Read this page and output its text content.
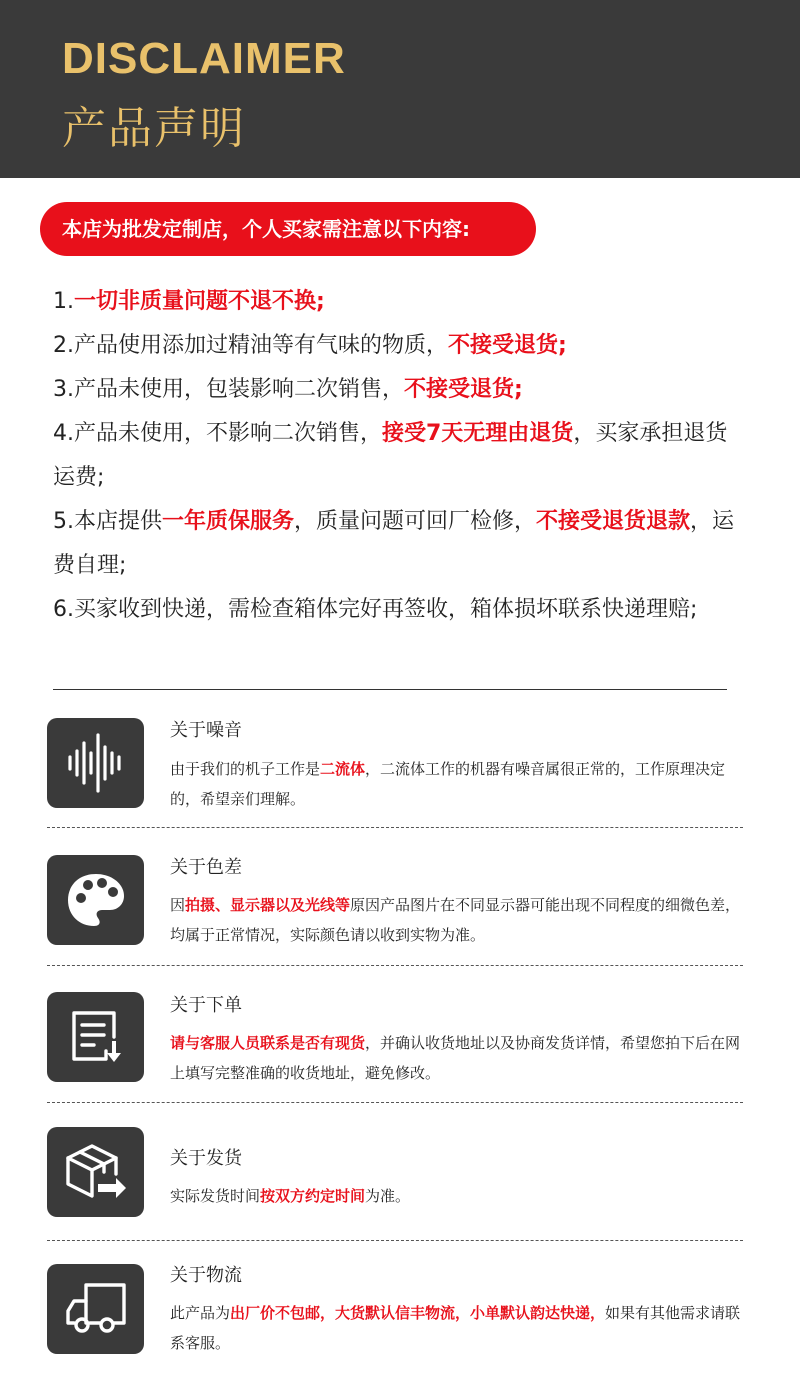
DISCLAIMER
产品声明
本店为批发定制店，个人买家需注意以下内容:
1.一切非质量问题不退不换;
2.产品使用添加过精油等有气味的物质，不接受退货;
3.产品未使用，包装影响二次销售，不接受退货;
4.产品未使用，不影响二次销售，接受7天无理由退货，买家承担退货运费;
5.本店提供一年质保服务，质量问题可回厂检修，不接受退货退款，运费自理;
6.买家收到快递，需检查箱体完好再签收，箱体损坏联系快递理赔;
关于噪音
由于我们的机子工作是二流体，二流体工作的机器有噪音属很正常的，工作原理决定的，希望亲们理解。
关于色差
因拍摄、显示器以及光线等原因产品图片在不同显示器可能出现不同程度的细微色差，均属于正常情况，实际颜色请以收到实物为准。
关于下单
请与客服人员联系是否有现货，并确认收货地址以及协商发货详情，希望您拍下后在网上填写完整准确的收货地址，避免修改。
关于发货
实际发货时间按双方约定时间为准。
关于物流
此产品为出厂价不包邮，大货默认信丰物流，小单默认韵达快递，如果有其他需求请联系客服。
